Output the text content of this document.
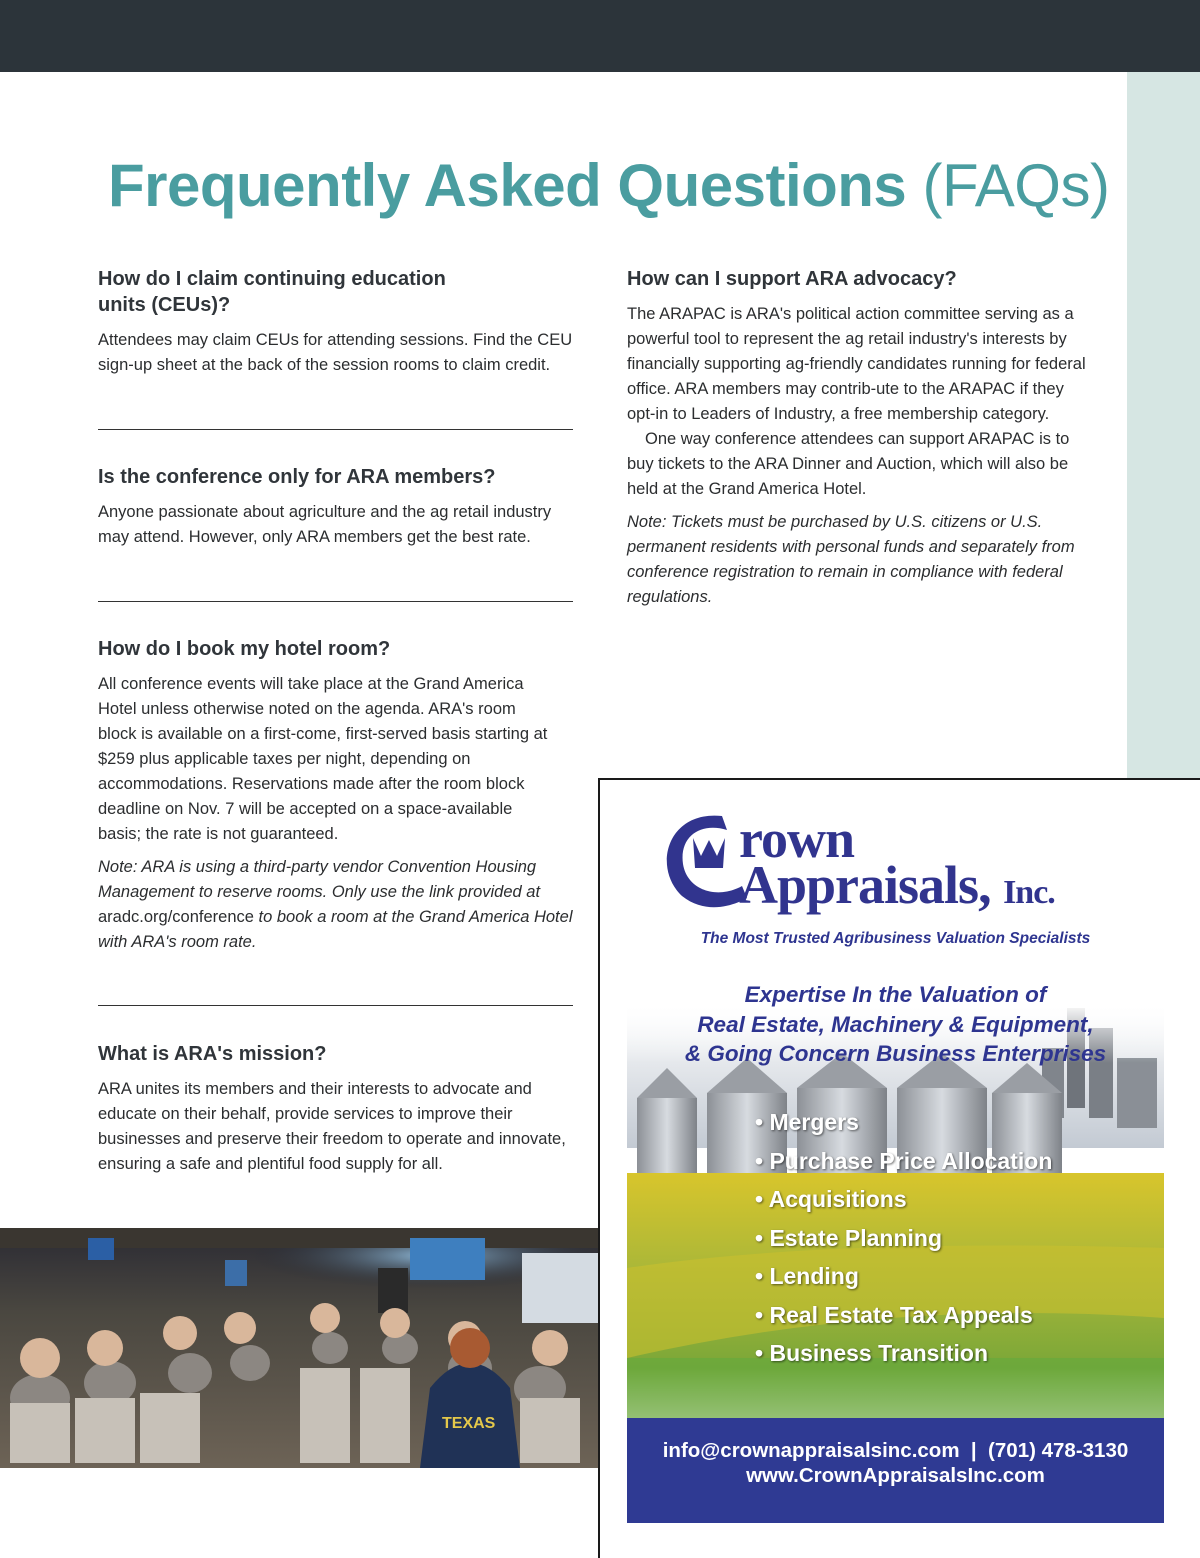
Frequently Asked Questions (FAQs)
How do I claim continuing education units (CEUs)?

Attendees may claim CEUs for attending sessions. Find the CEU sign-up sheet at the back of the session rooms to claim credit.

Is the conference only for ARA members?

Anyone passionate about agriculture and the ag retail industry may attend. However, only ARA members get the best rate.

How do I book my hotel room?

All conference events will take place at the Grand America Hotel unless otherwise noted on the agenda. ARA's room block is available on a first-come, first-served basis starting at $259 plus applicable taxes per night, depending on accommodations. Reservations made after the room block deadline on Nov. 7 will be accepted on a space-available basis; the rate is not guaranteed.

Note: ARA is using a third-party vendor Convention Housing Management to reserve rooms. Only use the link provided at aradc.org/conference to book a room at the Grand America Hotel with ARA's room rate.

What is ARA's mission?

ARA unites its members and their interests to advocate and educate on their behalf, provide services to improve their businesses and preserve their freedom to operate and innovate, ensuring a safe and plentiful food supply for all.

How can I support ARA advocacy?

The ARAPAC is ARA's political action committee serving as a powerful tool to represent the ag retail industry's interests by financially supporting ag-friendly candidates running for federal office. ARA members may contrib-ute to the ARAPAC if they opt-in to Leaders of Industry, a free membership category.

One way conference attendees can support ARAPAC is to buy tickets to the ARA Dinner and Auction, which will also be held at the Grand America Hotel.

Note: Tickets must be purchased by U.S. citizens or U.S. permanent residents with personal funds and separately from conference registration to remain in compliance with federal regulations.

TEXAS
rown
Appraisals, Inc.
The Most Trusted Agribusiness Valuation Specialists
Expertise In the Valuation of
Real Estate, Machinery & Equipment,
& Going Concern Business Enterprises
• Mergers
• Purchase Price Allocation
• Acquisitions
• Estate Planning
• Lending
• Real Estate Tax Appeals
• Business Transition
info@crownappraisalsinc.com  |  (701) 478-3130
www.CrownAppraisalsInc.com
